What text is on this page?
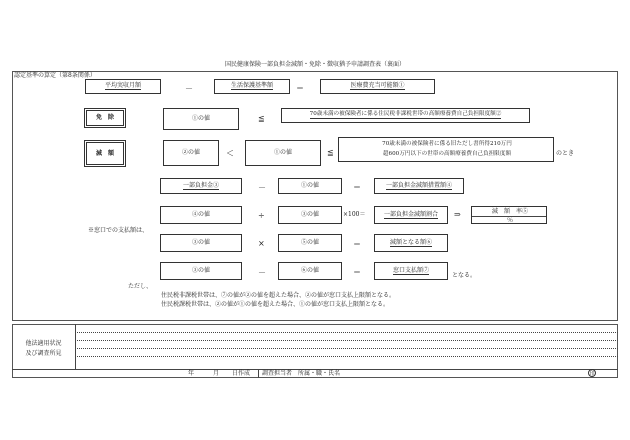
国民健康保険一部負担金減額・免除・徴収猶予申請調査表（裏面）
認定基準の算定（第8条関係）
平均実収月額	－	生活保護基準額	＝	医療費充当可能額①
免　除	①の値	≦	70歳未満の被保険者に係る住民税非課税世帯の高額療養費自己負担限度額②
減　額	②の値	＜	①の値	≦
70歳未満の被保険者に係る旧ただし書所得210万円
超600万円以下の世帯の高額療養費自己負担限度額	のとき
一部負担金③	－	①の値	＝	一部負担金減額措置額④
④の値	÷	③の値	×100＝	一部負担金減額割合 ⇒	減　額　率⑤
％
※窓口での支払額は、
③の値	×	⑤の値	＝	減額となる額⑥
③の値	－	⑥の値	＝	窓口支払額⑦
となる。
ただし、
住民税非課税世帯は、⑦の値が②の値を超えた場合、②の値が窓口支払上限額となる。
住民税課税世帯は、②の値が①の値を超えた場合、①の値が窓口支払上限額となる。
他法適用状況
及び調査所見
年	月 日作成 調査担当者　所属・職・氏名	印
